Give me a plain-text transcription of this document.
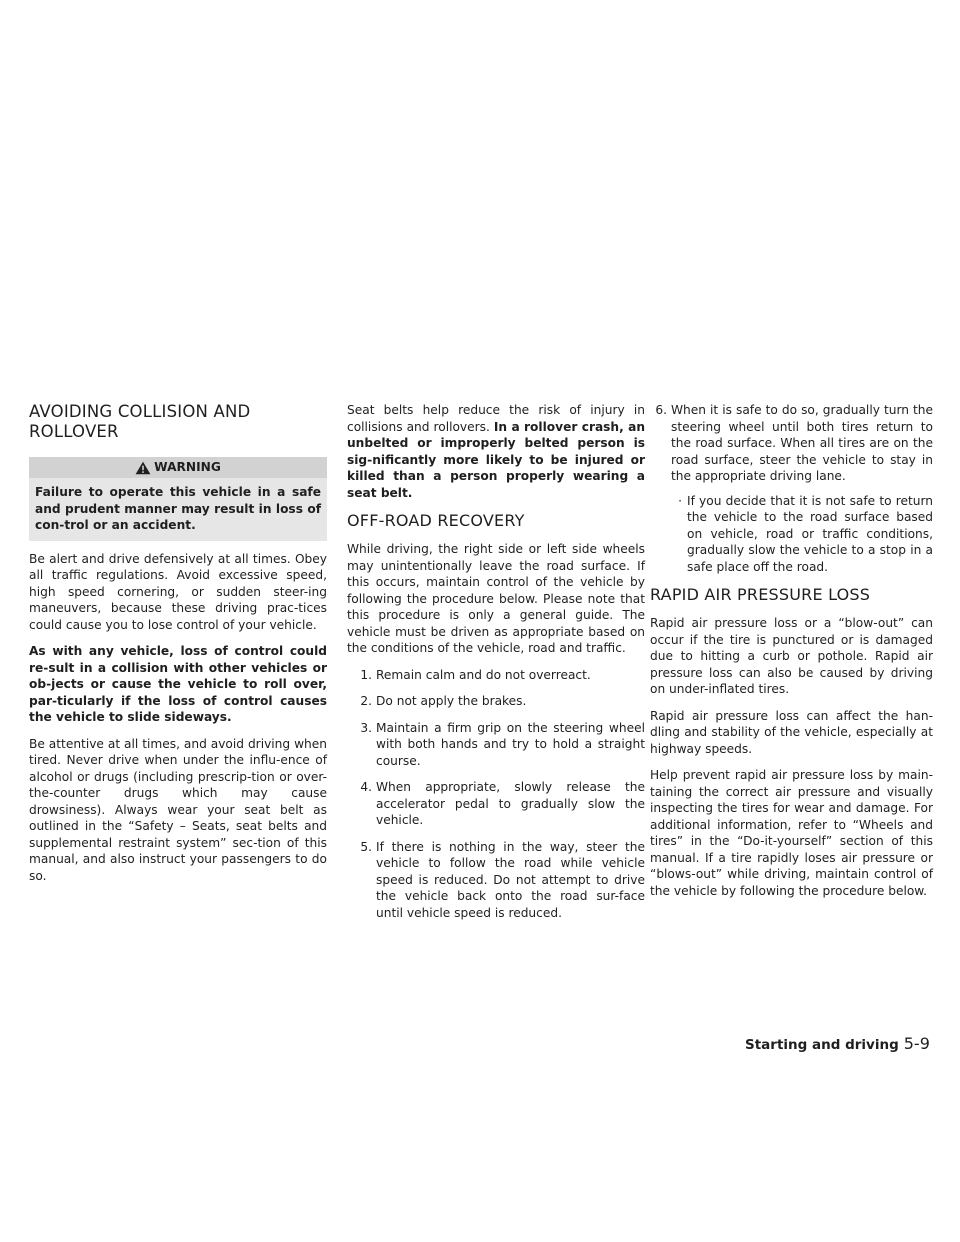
AVOIDING COLLISION AND ROLLOVER
WARNING
Failure to operate this vehicle in a safe and prudent manner may result in loss of con-trol or an accident.

Be alert and drive defensively at all times. Obey all traffic regulations. Avoid excessive speed, high speed cornering, or sudden steer-ing maneuvers, because these driving prac-tices could cause you to lose control of your vehicle.

As with any vehicle, loss of control could re-sult in a collision with other vehicles or ob-jects or cause the vehicle to roll over, par-ticularly if the loss of control causes the vehicle to slide sideways.

Be attentive at all times, and avoid driving when tired. Never drive when under the influ-ence of alcohol or drugs (including prescrip-tion or over-the-counter drugs which may cause drowsiness). Always wear your seat belt as outlined in the “Safety – Seats, seat belts and supplemental restraint system” sec-tion of this manual, and also instruct your passengers to do so.

Seat belts help reduce the risk of injury in collisions and rollovers. In a rollover crash, an unbelted or improperly belted person is sig-nificantly more likely to be injured or killed than a person properly wearing a seat belt.

OFF-ROAD RECOVERY

While driving, the right side or left side wheels may unintentionally leave the road surface. If this occurs, maintain control of the vehicle by following the procedure below. Please note that this procedure is only a general guide. The vehicle must be driven as appropriate based on the conditions of the vehicle, road and traffic.

1. Remain calm and do not overreact.
2. Do not apply the brakes.
3. Maintain a firm grip on the steering wheel with both hands and try to hold a straight course.
4. When appropriate, slowly release the accelerator pedal to gradually slow the vehicle.
5. If there is nothing in the way, steer the vehicle to follow the road while vehicle speed is reduced. Do not attempt to drive the vehicle back onto the road sur-face until vehicle speed is reduced.
6. When it is safe to do so, gradually turn the steering wheel until both tires return to the road surface. When all tires are on the road surface, steer the vehicle to stay in the appropriate driving lane.
· If you decide that it is not safe to return the vehicle to the road surface based on vehicle, road or traffic conditions, gradually slow the vehicle to a stop in a safe place off the road.
RAPID AIR PRESSURE LOSS

Rapid air pressure loss or a “blow-out” can occur if the tire is punctured or is damaged due to hitting a curb or pothole. Rapid air pressure loss can also be caused by driving on under-inflated tires.

Rapid air pressure loss can affect the han-dling and stability of the vehicle, especially at highway speeds.

Help prevent rapid air pressure loss by main-taining the correct air pressure and visually inspecting the tires for wear and damage. For additional information, refer to “Wheels and tires” in the “Do-it-yourself” section of this manual. If a tire rapidly loses air pressure or “blows-out” while driving, maintain control of the vehicle by following the procedure below.

Starting and driving 5-9
